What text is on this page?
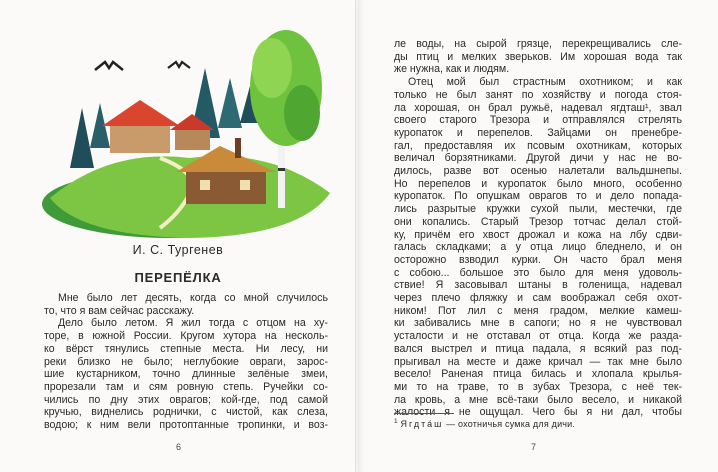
И. С. Тургенев
ПЕРЕПЁЛКА
Мне было лет десять, когда со мной случилось
то, что я вам сейчас расскажу.
Дело было летом. Я жил тогда с отцом на ху-
торе, в южной России. Кругом хутора на несколь-
ко вёрст тянулись степные места. Ни лесу, ни
реки близко не было; неглубокие овраги, зарос-
шие кустарником, точно длинные зелёные змеи,
прорезали там и сям ровную степь. Ручейки со-
чились по дну этих оврагов; кой-где, под самой
кручью, виднелись роднички, с чистой, как слеза,
водою; к ним вели протоптанные тропинки, и воз-
6
ле воды, на сырой грязце, перекрещивались сле-
ды птиц и мелких зверьков. Им хорошая вода так
же нужна, как и людям.
Отец мой был страстным охотником; и как
только не был занят по хозяйству и погода стоя-
ла хорошая, он брал ружьё, надевал ягдташ¹, звал
своего старого Трезора и отправлялся стрелять
куропаток и перепелов. Зайцами он пренебре-
гал, предоставляя их псовым охотникам, которых
величал борзятниками. Другой дичи у нас не во-
дилось, разве вот осенью налетали вальдшнепы.
Но перепелов и куропаток было много, особенно
куропаток. По опушкам оврагов то и дело попада-
лись разрытые кружки сухой пыли, местечки, где
они копались. Старый Трезор тотчас делал стой-
ку, причём его хвост дрожал и кожа на лбу сдви-
галась складками; а у отца лицо бледнело, и он
осторожно взводил курки. Он часто брал меня
с собою... большое это было для меня удоволь-
ствие! Я засовывал штаны в голенища, надевал
через плечо фляжку и сам воображал себя охот-
ником! Пот лил с меня градом, мелкие камеш-
ки забивались мне в сапоги; но я не чувствовал
усталости и не отставал от отца. Когда же разда-
вался выстрел и птица падала, я всякий раз под-
прыгивал на месте и даже кричал — так мне было
весело! Раненая птица билась и хлопала крылья-
ми то на траве, то в зубах Трезора, с неё тек-
ла кровь, а мне всё-таки было весело, и никакой
жалости я не ощущал. Чего бы я ни дал, чтобы
$^1$ Ягдта́ш — охотничья сумка для дичи.
7
